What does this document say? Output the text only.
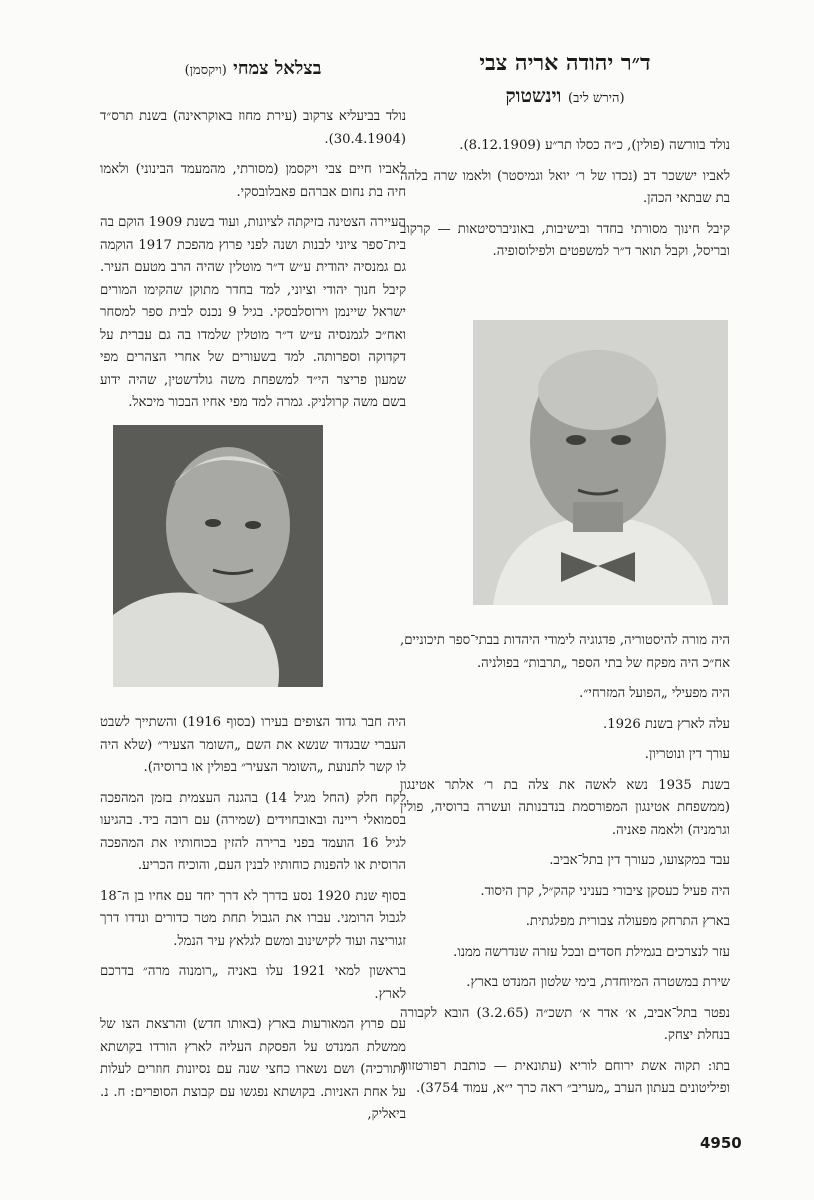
ד״ר יהודה אריה צבי
(הירש ליב) וינשטוק

נולד בוורשה (פולין), כ״ה כסלו תר״ע (8.12.1909).

לאביו יששכר דב (נכדו של ר׳ יואל וגמיסטר) ולאמו שרה בלהה בת שבתאי הכהן.

קיבל חינוך מסורתי בחדר ובישיבות, באוניברסיטאות — קרקוב ובריסל, וקבל תואר ד״ר למשפטים ולפילוסופיה.

היה מורה להיסטוריה, פדגוגיה לימודי היהדות בבתי־ספר תיכוניים, אח״כ היה מפקח של בתי הספר „תרבות״ בפולניה.

היה מפעילי „הפועל המזרחי״.

עלה לארץ בשנת 1926.

עורך דין ונוטריון.

בשנת 1935 נשא לאשה את צלה בת ר׳ אלתר אטינגון (ממשפחת אטינגון המפורסמת בנדבנותה ועשרה ברוסיה, פולין וגרמניה) ולאמה פאניה.

עבד במקצועו, כעורך דין בתל־אביב.

היה פעיל כעסקן ציבורי בעניני קהק״ל, קרן היסוד.

בארץ התרחק מפעולה צבורית מפלגתית.

עזר לנצרכים בגמילת חסדים ובכל עזרה שנדרשה ממנו.

שירת במשטרה המיוחדת, בימי שלטון המנדט בארץ.

נפטר בתל־אביב, א׳ אדר א׳ תשכ״ה (3.2.65) הובא לקבורה בנחלת יצחק.

בתו: תקוה אשת ירוחם לוריא (עתונאית — כותבת רפורטזות ופיליטונים בעתון הערב „מעריב״ ראה כרך י״א, עמוד 3754).

בצלאל צמחי (ויקסמן)

נולד בביעליא צרקוב (עירת מחוז באוקראינה) בשנת תרס״ד (30.4.1904).

לאביו חיים צבי ויקסמן (מסורתי, מהמעמד הבינוני) ולאמו חיה בת נחום אברהם פאבלובסקי.

העיירה הצטינה בזיקתה לציונות, ועוד בשנת 1909 הוקם בה בית־ספר ציוני לבנות ושנה לפני פרוץ מהפכת 1917 הוקמה גם גמנסיה יהודית ע״ש ד״ר מוטלין שהיה הרב מטעם העיר. קיבל חנוך יהודי וציוני, למד בחדר מתוקן שהקימו המורים ישראל שיינמן וירוסלבסקי. בגיל 9 נכנס לבית ספר למסחר ואח״כ לגמנסיה ע״ש ד״ר מוטלין שלמדו בה גם עברית על דקדוקה וספרותה. למד בשעורים של אחרי הצהרים מפי שמעון פריצר הי״ד למשפחת משה גולדשטין, שהיה ידוע בשם משה קרולניק. גמרה למד מפי אחיו הבכור מיכאל.

היה חבר גדוד הצופים בעירו (בסוף 1916) והשתייך לשבט העברי שבגדוד שנשא את השם „השומר הצעיר״ (שלא היה לו קשר לתנועת „השומר הצעיר״ בפולין או ברוסיה).

לקח חלק (החל מגיל 14) בהגנה העצמית בזמן המהפכה בסמואלי ריינה ובאובחוידים (שמירה) עם רובה ביד. בהגיעו לגיל 16 הועמד בפני ברירה להזין בכוחותיו את המהפכה הרוסית או להפנות כוחותיו לבנין העם, והוכיח הכריע.

בסוף שנת 1920 נסע בדרך לא דרך יחד עם אחיו בן ה־18 לגבול הרומני. עברו את הגבול תחת מטר כדורים ונדדו דרך זגוריצה ועוד לקישינוב ומשם לגלאץ עיר הנמל.

בראשון למאי 1921 עלו באניה „רומנוה מרה״ בדרכם לארץ.

עם פרוץ המאורעות בארץ (באותו חדש) והרצאת הצו של ממשלת המנדט על הפסקת העליה לארץ הורדו בקושתא (תורכיה) ושם נשארו כחצי שנה עם נסיונות חוזרים לעלות על אחת האניות. בקושתא נפגשו עם קבוצת הסופרים: ח. נ. ביאליק,

4950
